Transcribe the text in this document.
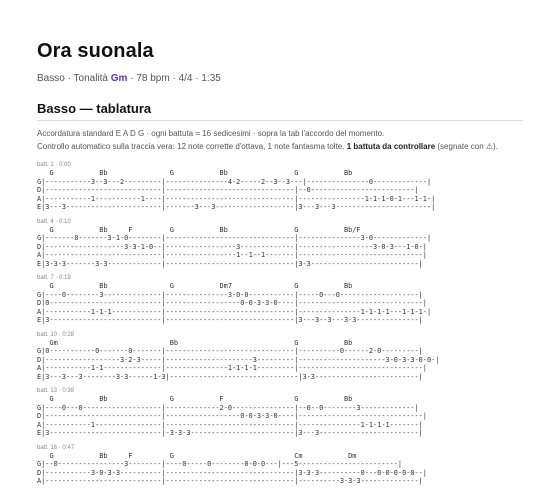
Ora suonala
Basso · Tonalità Gm · 78 bpm · 4/4 · 1:35
Basso — tablatura
Accordatura standard E A D G · ogni battuta = 16 sedicesimi · sopra la tab l'accordo del momento.
Controllo automatico sulla traccia vera: 12 note corrette d'ottava, 1 note fantasma tolte. 1 battuta da controllare (segnate con ⚠).
batt. 1 · 0:00
G           Bb               G           Bb                G           Bb
G|-----------3--3---2---------|---------------4-2-----2--3--3---|---------------0-------------|
D|----------------------------|-------------------------------|--0-------------------------|
A|-----------1-----------1----|-------------------------------|----------------1-1-1-0-1---1-1-|
E|3---3-----------------------|-------3---3-------------------|3---3---3-----------------------|
batt. 4 · 0:10
G           Bb     F         G           Bb                G           Bb/F
G|-------0-------3-1-0--------|-------------------------------|---------------3-0-------------|
D|-------------------3-3-1-0--|-----------------3-------------|------------------3-0-3---1-0-|
A|----------------------------|-----------------1--1--1-------|------------------------------|
E|3-3-3-------3-3-------------|-------------------------------|3-3--------------------------|
batt. 7 · 0:19
G           Bb               G           Dm7               G           Bb
G|----0--------3--------------|---------------3-0-0-----------|-----0---0-------------------|
D|0---------------------------|------------------0-0-3-3-0----|------------------------------|
A|-----------1-1-1------------|-------------------------------|---------------1-1-1-1---1-1-1-|
E|3---------------------------|-------------------------------|3---3--3---3-3---------------|
batt. 10 · 0:28
Gm                           Bb                            G           Bb
G|0-----------0-------0-------|-------------------------------|----------0------2-0---------|
D|------------------3-2-3-----|---------------------3---------|---------------------3-0-3-3-0-0-|
A|-----------1-1--------------|---------------1-1-1-1---------|------------------------------|
E|3---3---3--------3-3------1-3|-------------------------------|3-3-------------------------|
batt. 13 · 0:38
G           Bb               G           F                 G           Bb
G|----0---0-------------------|-------------2-0---------------|--0--0--------3-------------|
D|----------------------------|------------------0-0-3-3-0----|------------------------------|
A|-----------1----------------|-------------------------------|---------------1-1-1-1-------|
E|3---------------------------|-3-3-3-------------------------|3---3------------------------|
batt. 16 · 0:47
G           Bb     F         G                             Cm           Dm
G|--0----------------3--------|----0-----0--------0-0-0---|---5------------------------|
D|-----------3-0-3-3----------|-------------------------------|3-3-3----------0---0-0-0-0-0--|
A|----------------------------|-------------------------------|----------3-3-3--------------|
